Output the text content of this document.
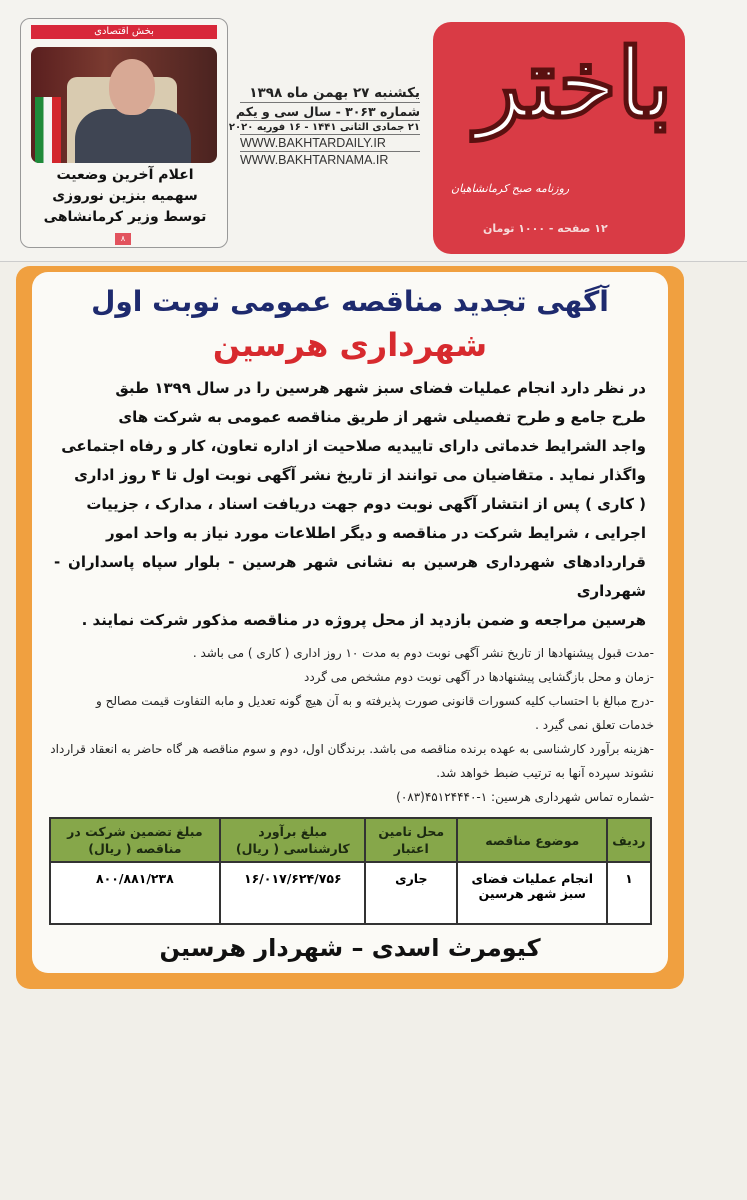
بخش اقتصادی
اعلام آخرین وضعیت
سهمیه بنزین نوروزی
توسط وزیر کرمانشاهی
۸
یکشنبه ۲۷ بهمن ماه ۱۳۹۸
شماره ۳۰۶۳ - سال سی و یکم
۲۱ جمادی الثانی ۱۴۴۱ - ۱۶ فوریه ۲۰۲۰
WWW.BAKHTARDAILY.IR
WWW.BAKHTARNAMA.IR
باختر
روزنامه صبح کرمانشاهیان
۱۲ صفحه - ۱۰۰۰ تومان
آگهی تجدید مناقصه عمومی نوبت اول
شهرداری هرسین
در نظر دارد انجام عملیات فضای سبز شهر هرسین را در سال ۱۳۹۹ طبق
طرح جامع و طرح تفصیلی شهر از طریق مناقصه عمومی به شرکت های
واجد الشرایط خدماتی دارای تاییدیه صلاحیت از اداره تعاون، کار و رفاه اجتماعی
واگذار نماید . متقاضیان می توانند از تاریخ نشر آگهی نوبت اول تا ۴ روز اداری
( کاری ) پس از انتشار آگهی نوبت دوم جهت دریافت اسناد ، مدارک ، جزییات
اجرایی ، شرایط شرکت در مناقصه و دیگر اطلاعات مورد نیاز به واحد امور
قراردادهای شهرداری هرسین به نشانی شهر هرسین - بلوار سپاه پاسداران - شهرداری
هرسین مراجعه و ضمن بازدید از محل پروژه در مناقصه مذکور شرکت نمایند .
-مدت قبول پیشنهادها از تاریخ نشر آگهی نوبت دوم به مدت ۱۰ روز اداری ( کاری ) می باشد .
-زمان و محل بازگشایی پیشنهادها در آگهی نوبت دوم مشخص می گردد
-درج مبالغ با احتساب کلیه کسورات قانونی صورت پذیرفته و به آن هیچ گونه تعدیل و مابه التفاوت قیمت مصالح و
خدمات تعلق نمی گیرد .
-هزینه برآورد کارشناسی به عهده برنده مناقصه می باشد. برندگان اول، دوم و سوم مناقصه هر گاه حاضر به انعقاد قرارداد
نشوند سپرده آنها به ترتیب ضبط خواهد شد.
-شماره تماس شهرداری هرسین: ۱-۴۵۱۲۴۴۴۰(۰۸۳)
ردیف	موضوع مناقصه	محل تامین اعتبار	مبلغ برآورد کارشناسی ( ریال)	مبلغ تضمین شرکت در مناقصه ( ریال)
۱	انجام عملیات فضای سبز شهر هرسین	جاری	۱۶/۰۱۷/۶۲۴/۷۵۶	۸۰۰/۸۸۱/۲۳۸
کیومرث اسدی – شهردار هرسین
